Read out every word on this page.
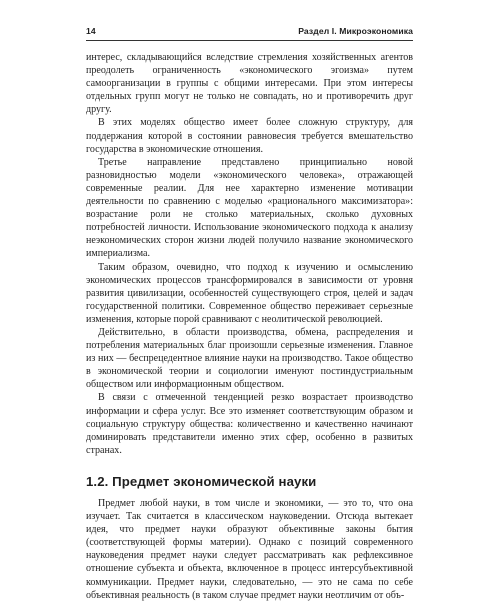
14	Раздел I. Микроэкономика

интерес, складывающийся вследствие стремления хозяйственных агентов преодолеть ограниченность «экономического эгоизма» путем самоорганизации в группы с общими интересами. При этом интересы отдельных групп могут не только не совпадать, но и противоречить друг другу.

В этих моделях общество имеет более сложную структуру, для поддержания которой в состоянии равновесия требуется вмешательство государства в экономические отношения.

Третье направление представлено принципиально новой разновидностью модели «экономического человека», отражающей современные реалии. Для нее характерно изменение мотивации деятельности по сравнению с моделью «рационального максимизатора»: возрастание роли не столько материальных, сколько духовных потребностей личности. Использование экономического подхода к анализу неэкономических сторон жизни людей получило название экономического империализма.

Таким образом, очевидно, что подход к изучению и осмыслению экономических процессов трансформировался в зависимости от уровня развития цивилизации, особенностей существующего строя, целей и задач государственной политики. Современное общество переживает серьезные изменения, которые порой сравнивают с неолитической революцией.

Действительно, в области производства, обмена, распределения и потребления материальных благ произошли серьезные изменения. Главное из них — беспрецедентное влияние науки на производство. Такое общество в экономической теории и социологии именуют постиндустриальным обществом или информационным обществом.

В связи с отмеченной тенденцией резко возрастает производство информации и сфера услуг. Все это изменяет соответствующим образом и социальную структуру общества: количественно и качественно начинают доминировать представители именно этих сфер, особенно в развитых странах.

1.2. Предмет экономической науки

Предмет любой науки, в том числе и экономики, — это то, что она изучает. Так считается в классическом науковедении. Отсюда вытекает идея, что предмет науки образуют объективные законы бытия (соответствующей формы материи). Однако с позиций современного науковедения предмет науки следует рассматривать как рефлексивное отношение субъекта и объекта, включенное в процесс интерсубъективной коммуникации. Предмет науки, следовательно, — это не сама по себе объективная реальность (в таком случае предмет науки неотличим от объ-
